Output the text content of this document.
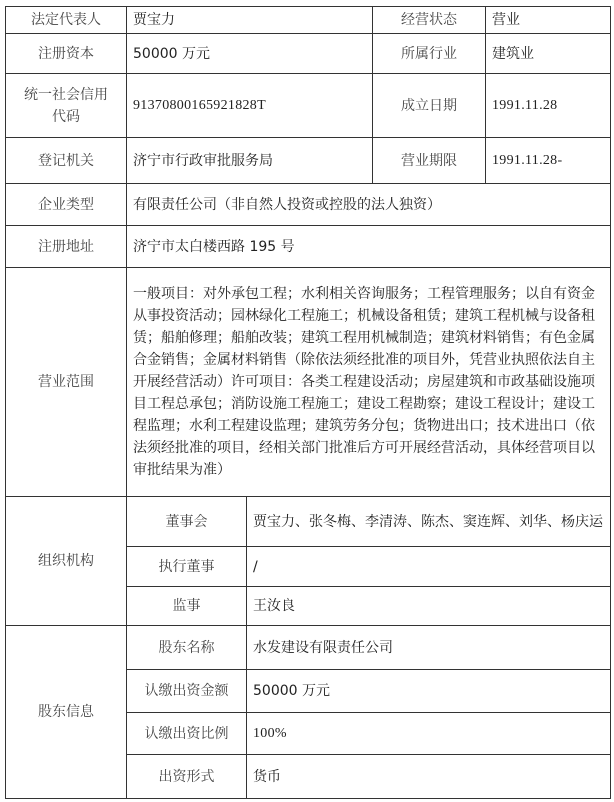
法定代表人	贾宝力		经营状态	营业
注册资本	50000 万元		所属行业	建筑业
统一社会信用代码	91370800165921828T		成立日期	1991.11.28
登记机关	济宁市行政审批服务局		营业期限	1991.11.28-
企业类型	有限责任公司（非自然人投资或控股的法人独资）			
注册地址	济宁市太白楼西路 195 号			
营业范围	一般项目：对外承包工程；水利相关咨询服务；工程管理服务；以自有资金从事投资活动；园林绿化工程施工；机械设备租赁；建筑工程机械与设备租赁；船舶修理；船舶改装；建筑工程用机械制造；建筑材料销售；有色金属合金销售；金属材料销售（除依法须经批准的项目外，凭营业执照依法自主开展经营活动）许可项目：各类工程建设活动；房屋建筑和市政基础设施项目工程总承包；消防设施工程施工；建设工程勘察；建设工程设计；建设工程监理；水利工程建设监理；建筑劳务分包；货物进出口；技术进出口（依法须经批准的项目，经相关部门批准后方可开展经营活动，具体经营项目以审批结果为准）			
组织机构	董事会	贾宝力、张冬梅、李清涛、陈杰、窦连辉、刘华、杨庆运		
	执行董事	/		
	监事	王汝良		
股东信息	股东名称	水发建设有限责任公司		
	认缴出资金额	50000 万元		
	认缴出资比例	100%		
	出资形式	货币		
